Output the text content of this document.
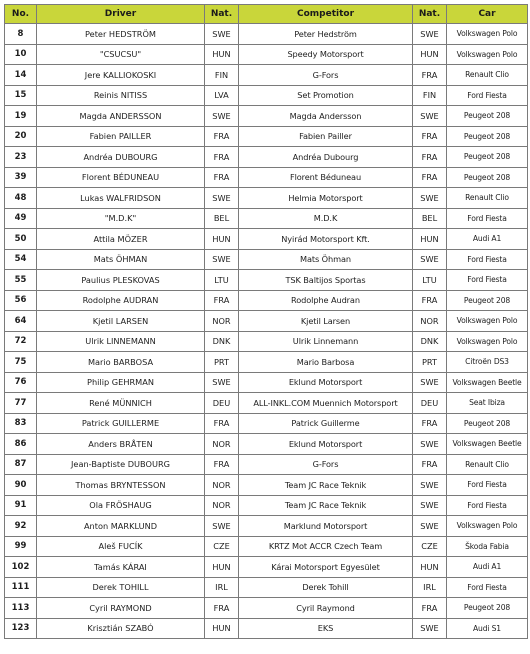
No.	Driver	Nat.	Competitor	Nat.	Car
8	Peter HEDSTRÖM	SWE	Peter Hedström	SWE	Volkswagen Polo
10	"CSUCSU"	HUN	Speedy Motorsport	HUN	Volkswagen Polo
14	Jere KALLIOKOSKI	FIN	G-Fors	FRA	Renault Clio
15	Reinis NITISS	LVA	Set Promotion	FIN	Ford Fiesta
19	Magda ANDERSSON	SWE	Magda Andersson	SWE	Peugeot 208
20	Fabien PAILLER	FRA	Fabien Pailler	FRA	Peugeot 208
23	Andréa DUBOURG	FRA	Andréa Dubourg	FRA	Peugeot 208
39	Florent BÉDUNEAU	FRA	Florent Béduneau	FRA	Peugeot 208
48	Lukas WALFRIDSON	SWE	Helmia Motorsport	SWE	Renault Clio
49	"M.D.K"	BEL	M.D.K	BEL	Ford Fiesta
50	Attila MÖZER	HUN	Nyirád Motorsport Kft.	HUN	Audi A1
54	Mats ÖHMAN	SWE	Mats Öhman	SWE	Ford Fiesta
55	Paulius PLESKOVAS	LTU	TSK Baltijos Sportas	LTU	Ford Fiesta
56	Rodolphe AUDRAN	FRA	Rodolphe Audran	FRA	Peugeot 208
64	Kjetil LARSEN	NOR	Kjetil Larsen	NOR	Volkswagen Polo
72	Ulrik LINNEMANN	DNK	Ulrik Linnemann	DNK	Volkswagen Polo
75	Mario BARBOSA	PRT	Mario Barbosa	PRT	Citroën DS3
76	Philip GEHRMAN	SWE	Eklund Motorsport	SWE	Volkswagen Beetle
77	René MÜNNICH	DEU	ALL-INKL.COM Muennich Motorsport	DEU	Seat Ibiza
83	Patrick GUILLERME	FRA	Patrick Guillerme	FRA	Peugeot 208
86	Anders BRÅTEN	NOR	Eklund Motorsport	SWE	Volkswagen Beetle
87	Jean-Baptiste DUBOURG	FRA	G-Fors	FRA	Renault Clio
90	Thomas BRYNTESSON	NOR	Team JC Race Teknik	SWE	Ford Fiesta
91	Ola FRÖSHAUG	NOR	Team JC Race Teknik	SWE	Ford Fiesta
92	Anton MARKLUND	SWE	Marklund Motorsport	SWE	Volkswagen Polo
99	Aleš FUCÍK	CZE	KRTZ Mot ACCR Czech Team	CZE	Škoda Fabia
102	Tamás KÁRAI	HUN	Kárai Motorsport Egyesület	HUN	Audi A1
111	Derek TOHILL	IRL	Derek Tohill	IRL	Ford Fiesta
113	Cyril RAYMOND	FRA	Cyril Raymond	FRA	Peugeot 208
123	Krisztián SZABÓ	HUN	EKS	SWE	Audi S1
